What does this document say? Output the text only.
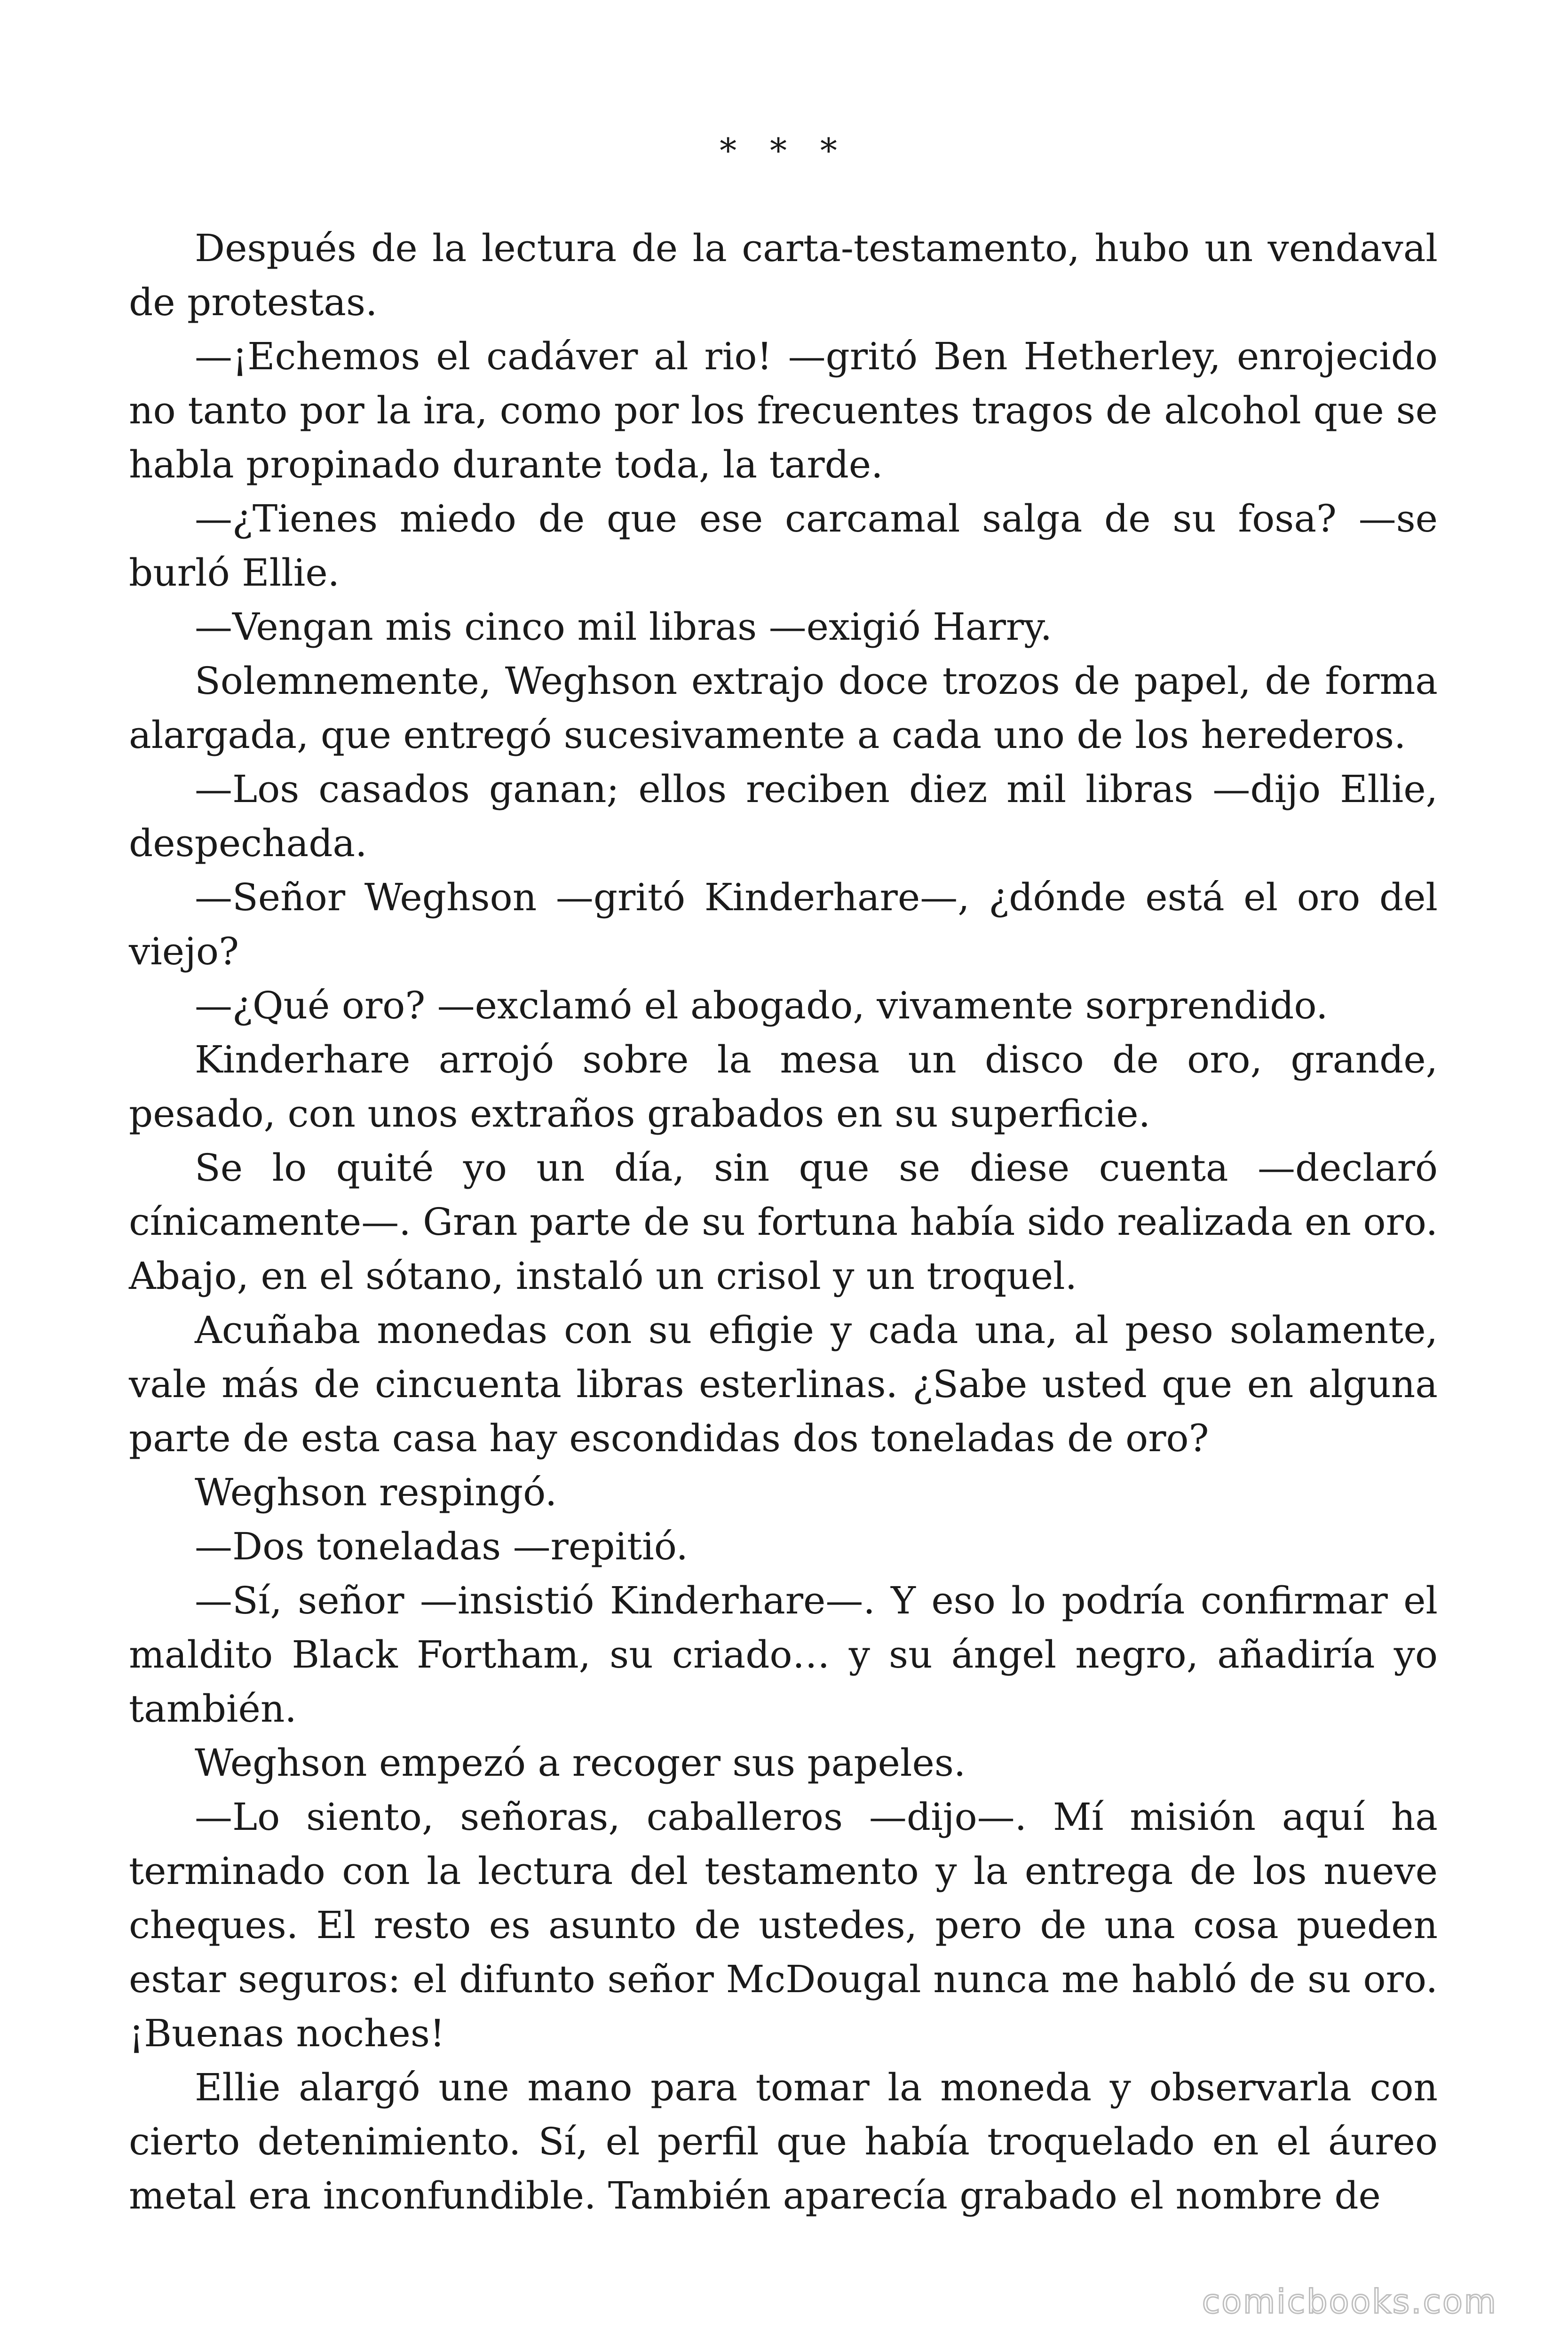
* * *

Después de la lectura de la carta-testamento, hubo un vendaval de protestas.

—¡Echemos el cadáver al rio! —gritó Ben Hetherley, enrojecido no tanto por la ira, como por los frecuentes tragos de alcohol que se habla propinado durante toda, la tarde.

—¿Tienes miedo de que ese carcamal salga de su fosa? —se burló Ellie.

—Vengan mis cinco mil libras —exigió Harry.

Solemnemente, Weghson extrajo doce trozos de papel, de forma alargada, que entregó sucesivamente a cada uno de los herederos.

—Los casados ganan; ellos reciben diez mil libras —dijo Ellie, despechada.

—Señor Weghson —gritó Kinderhare—, ¿dónde está el oro del viejo?

—¿Qué oro? —exclamó el abogado, vivamente sorprendido.

Kinderhare arrojó sobre la mesa un disco de oro, grande, pesado, con unos extraños grabados en su superficie.

Se lo quité yo un día, sin que se diese cuenta —declaró cínicamente—. Gran parte de su fortuna había sido realizada en oro. Abajo, en el sótano, instaló un crisol y un troquel.

Acuñaba monedas con su efigie y cada una, al peso solamente, vale más de cincuenta libras esterlinas. ¿Sabe usted que en alguna parte de esta casa hay escondidas dos toneladas de oro?

Weghson respingó.

—Dos toneladas —repitió.

—Sí, señor —insistió Kinderhare—. Y eso lo podría confirmar el maldito Black Fortham, su criado… y su ángel negro, añadiría yo también.

Weghson empezó a recoger sus papeles.

—Lo siento, señoras, caballeros —dijo—. Mí misión aquí ha terminado con la lectura del testamento y la entrega de los nueve cheques. El resto es asunto de ustedes, pero de una cosa pueden estar seguros: el difunto señor McDougal nunca me habló de su oro. ¡Buenas noches!

Ellie alargó une mano para tomar la moneda y observarla con cierto detenimiento. Sí, el perfil que había troquelado en el áureo metal era inconfundible. También aparecía grabado el nombre de

comicbooks.com
